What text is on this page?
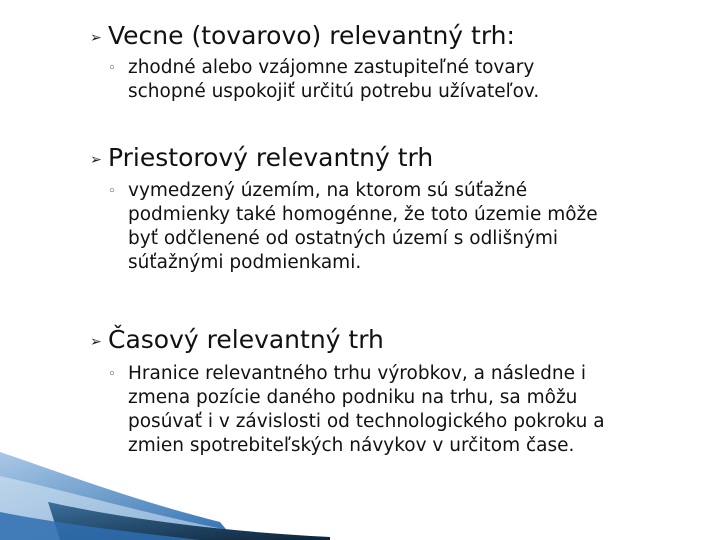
➢ Vecne (tovarovo) relevantný trh:
◦ zhodné alebo vzájomne zastupiteľné tovary
schopné uspokojiť určitú potrebu užívateľov.

➢ Priestorový relevantný trh
◦ vymedzený územím, na ktorom sú súťažné
podmienky také homogénne, že toto územie môže
byť odčlenené od ostatných území s odlišnými
súťažnými podmienkami.

➢ Časový relevantný trh
◦ Hranice relevantného trhu výrobkov, a následne i
zmena pozície daného podniku na trhu, sa môžu
posúvať i v závislosti od technologického pokroku a
zmien spotrebiteľských návykov v určitom čase.
